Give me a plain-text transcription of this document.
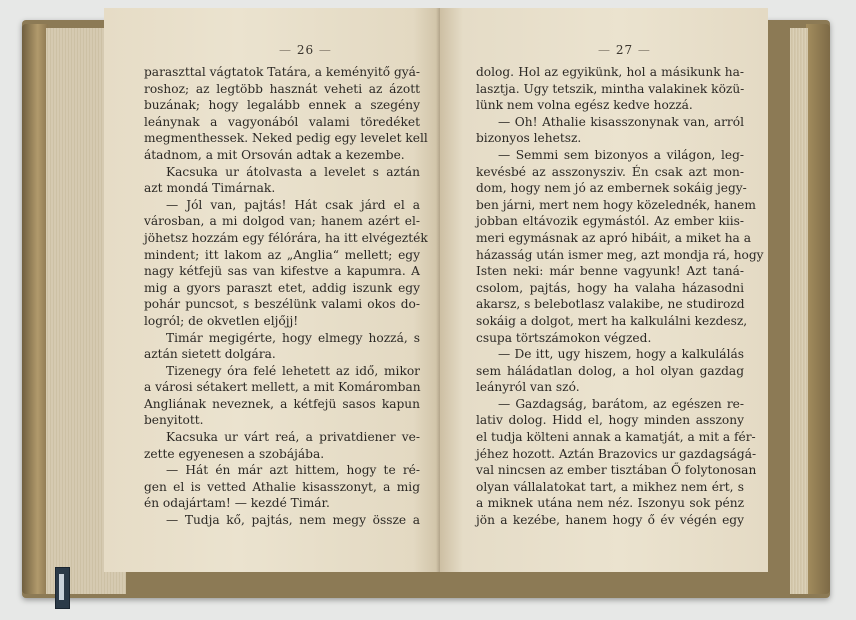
— 26 —
paraszttal vágtatok Tatára, a keményitő gyá-
roshoz; az legtöbb hasznát veheti az ázott
buzának; hogy legalább ennek a szegény
leánynak a vagyonából valami töredéket
megmenthessek. Neked pedig egy levelet kell
átadnom, a mit Orsován adtak a kezembe.
Kacsuka ur átolvasta a levelet s aztán
azt mondá Timárnak.
— Jól van, pajtás! Hát csak járd el a
városban, a mi dolgod van; hanem azért el-
jöhetsz hozzám egy félórára, ha itt elvégezték
mindent; itt lakom az „Anglia“ mellett; egy
nagy kétfejü sas van kifestve a kapumra. A
mig a gyors paraszt etet, addig iszunk egy
pohár puncsot, s beszélünk valami okos do-
logról; de okvetlen eljőjj!
Timár megigérte, hogy elmegy hozzá, s
aztán sietett dolgára.
Tizenegy óra felé lehetett az idő, mikor
a városi sétakert mellett, a mit Komáromban
Angliának neveznek, a kétfejü sasos kapun
benyitott.
Kacsuka ur várt reá, a privatdiener ve-
zette egyenesen a szobájába.
— Hát én már azt hittem, hogy te ré-
gen el is vetted Athalie kisasszonyt, a mig
én odajártam! — kezdé Timár.
— Tudja kő, pajtás, nem megy össze a
— 27 —
dolog. Hol az egyikünk, hol a másikunk ha-
lasztja. Ugy tetszik, mintha valakinek közü-
lünk nem volna egész kedve hozzá.
— Oh! Athalie kisasszonynak van, arról
bizonyos lehetsz.
— Semmi sem bizonyos a világon, leg-
kevésbé az asszonysziv. Én csak azt mon-
dom, hogy nem jó az embernek sokáig jegy-
ben járni, mert nem hogy közelednék, hanem
jobban eltávozik egymástól. Az ember kiis-
meri egymásnak az apró hibáit, a miket ha a
házasság után ismer meg, azt mondja rá, hogy
Isten neki: már benne vagyunk! Azt taná-
csolom, pajtás, hogy ha valaha házasodni
akarsz, s belebotlasz valakibe, ne studirozd
sokáig a dolgot, mert ha kalkulálni kezdesz,
csupa törtszámokon végzed.
— De itt, ugy hiszem, hogy a kalkulálás
sem háládatlan dolog, a hol olyan gazdag
leányról van szó.
— Gazdagság, barátom, az egészen re-
lativ dolog. Hidd el, hogy minden asszony
el tudja költeni annak a kamatját, a mit a fér-
jéhez hozott. Aztán Brazovics ur gazdagságá-
val nincsen az ember tisztában Ő folytonosan
olyan vállalatokat tart, a mikhez nem ért, s
a miknek utána nem néz. Iszonyu sok pénz
jön a kezébe, hanem hogy ő év végén egy
